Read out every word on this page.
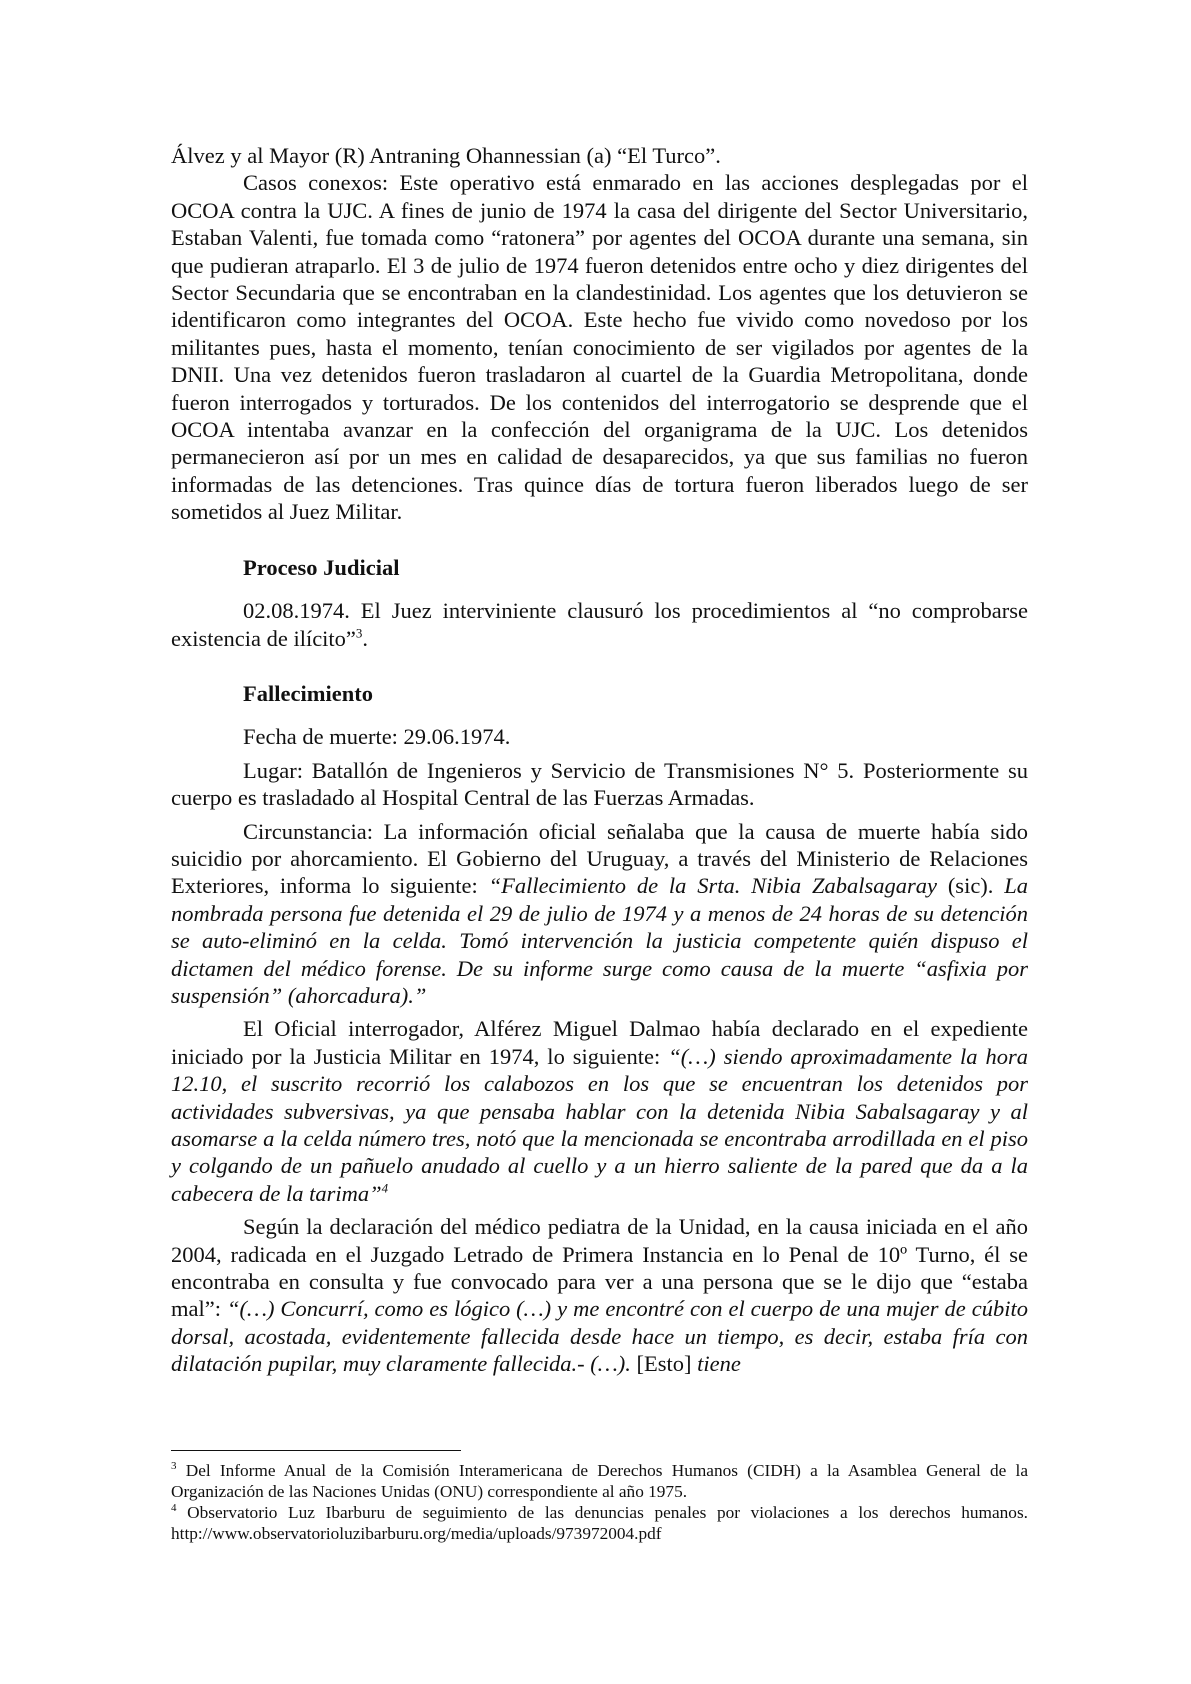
Álvez y al Mayor (R) Antraning Ohannessian (a) “El Turco”.

Casos conexos: Este operativo está enmarado en las acciones desplegadas por el OCOA contra la UJC. A fines de junio de 1974 la casa del dirigente del Sector Universitario, Estaban Valenti, fue tomada como “ratonera” por agentes del OCOA durante una semana, sin que pudieran atraparlo. El 3 de julio de 1974 fueron detenidos entre ocho y diez dirigentes del Sector Secundaria que se encontraban en la clandestinidad. Los agentes que los detuvieron se identificaron como integrantes del OCOA. Este hecho fue vivido como novedoso por los militantes pues, hasta el momento, tenían conocimiento de ser vigilados por agentes de la DNII. Una vez detenidos fueron trasladaron al cuartel de la Guardia Metropolitana, donde fueron interrogados y torturados. De los contenidos del interrogatorio se desprende que el OCOA intentaba avanzar en la confección del organigrama de la UJC. Los detenidos permanecieron así por un mes en calidad de desaparecidos, ya que sus familias no fueron informadas de las detenciones. Tras quince días de tortura fueron liberados luego de ser sometidos al Juez Militar.

Proceso Judicial

02.08.1974. El Juez interviniente clausuró los procedimientos al “no comprobarse existencia de ilícito”$^3$.

Fallecimiento

Fecha de muerte: 29.06.1974.

Lugar: Batallón de Ingenieros y Servicio de Transmisiones N° 5. Posteriormente su cuerpo es trasladado al Hospital Central de las Fuerzas Armadas.

Circunstancia: La información oficial señalaba que la causa de muerte había sido suicidio por ahorcamiento. El Gobierno del Uruguay, a través del Ministerio de Relaciones Exteriores, informa lo siguiente: “Fallecimiento de la Srta. Nibia Zabalsagaray (sic). La nombrada persona fue detenida el 29 de julio de 1974 y a menos de 24 horas de su detención se auto-eliminó en la celda. Tomó intervención la justicia competente quién dispuso el dictamen del médico forense. De su informe surge como causa de la muerte “asfixia por suspensión” (ahorcadura).”

El Oficial interrogador, Alférez Miguel Dalmao había declarado en el expediente iniciado por la Justicia Militar en 1974, lo siguiente: “(…) siendo aproximadamente la hora 12.10, el suscrito recorrió los calabozos en los que se encuentran los detenidos por actividades subversivas, ya que pensaba hablar con la detenida Nibia Sabalsagaray y al asomarse a la celda número tres, notó que la mencionada se encontraba arrodillada en el piso y colgando de un pañuelo anudado al cuello y a un hierro saliente de la pared que da a la cabecera de la tarima”$^4$

Según la declaración del médico pediatra de la Unidad, en la causa iniciada en el año 2004, radicada en el Juzgado Letrado de Primera Instancia en lo Penal de 10º Turno, él se encontraba en consulta y fue convocado para ver a una persona que se le dijo que “estaba mal”: “(…) Concurrí, como es lógico (…) y me encontré con el cuerpo de una mujer de cúbito dorsal, acostada, evidentemente fallecida desde hace un tiempo, es decir, estaba fría con dilatación pupilar, muy claramente fallecida.- (…). [Esto] tiene

$^3$ Del Informe Anual de la Comisión Interamericana de Derechos Humanos (CIDH) a la Asamblea General de la Organización de las Naciones Unidas (ONU) correspondiente al año 1975.

$^4$ Observatorio Luz Ibarburu de seguimiento de las denuncias penales por violaciones a los derechos humanos. http://www.observatorioluzibarburu.org/media/uploads/973972004.pdf
